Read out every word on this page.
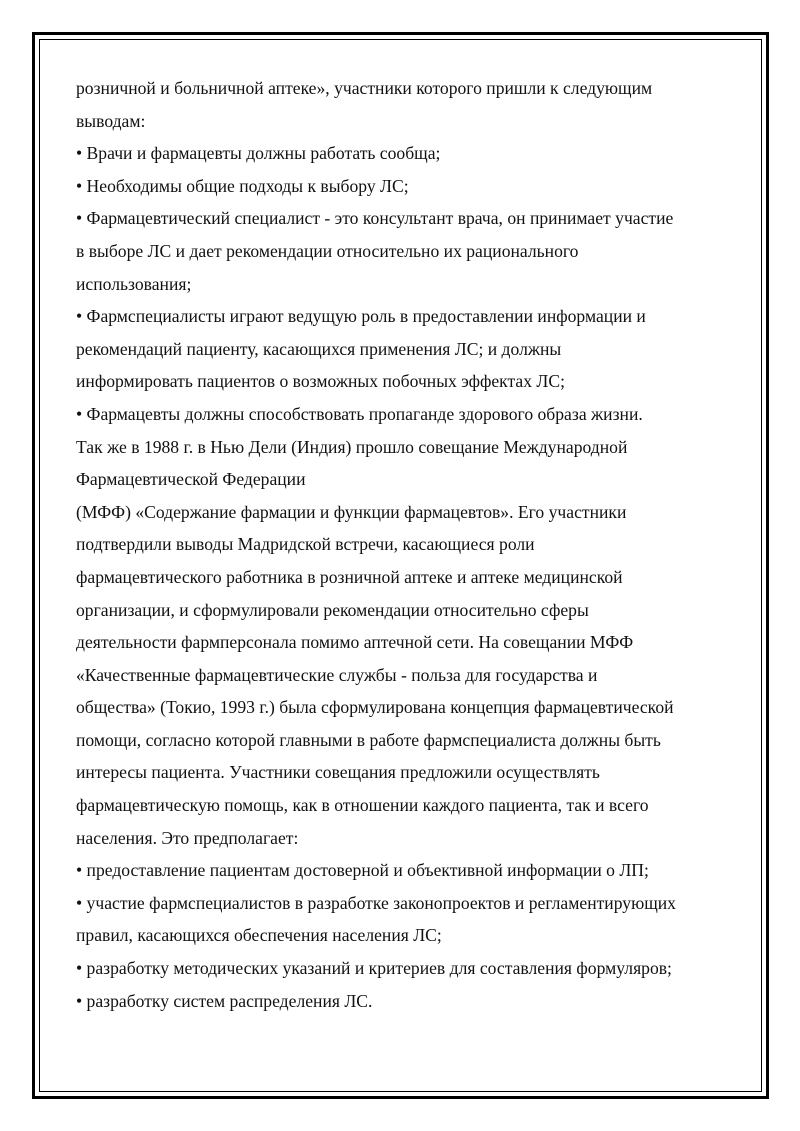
розничной и больничной аптеке», участники которого пришли к следующим
выводам:
• Врачи и фармацевты должны работать сообща;
• Необходимы общие подходы к выбору ЛС;
• Фармацевтический специалист - это консультант врача, он принимает участие
в выборе ЛС и дает рекомендации относительно их рационального
использования;
• Фармспециалисты играют ведущую роль в предоставлении информации и
рекомендаций пациенту, касающихся применения ЛС; и должны
информировать пациентов о возможных побочных эффектах ЛС;
• Фармацевты должны способствовать пропаганде здорового образа жизни.
Так же в 1988 г. в Нью Дели (Индия) прошло совещание Международной
Фармацевтической Федерации
(МФФ) «Содержание фармации и функции фармацевтов». Его участники
подтвердили выводы Мадридской встречи, касающиеся роли
фармацевтического работника в розничной аптеке и аптеке медицинской
организации, и сформулировали рекомендации относительно сферы
деятельности фармперсонала помимо аптечной сети. На совещании МФФ
«Качественные фармацевтические службы - польза для государства и
общества» (Токио, 1993 г.) была сформулирована концепция фармацевтической
помощи, согласно которой главными в работе фармспециалиста должны быть
интересы пациента. Участники совещания предложили осуществлять
фармацевтическую помощь, как в отношении каждого пациента, так и всего
населения. Это предполагает:
• предоставление пациентам достоверной и объективной информации о ЛП;
• участие фармспециалистов в разработке законопроектов и регламентирующих
правил, касающихся обеспечения населения ЛС;
• разработку методических указаний и критериев для составления формуляров;
• разработку систем распределения ЛС.
